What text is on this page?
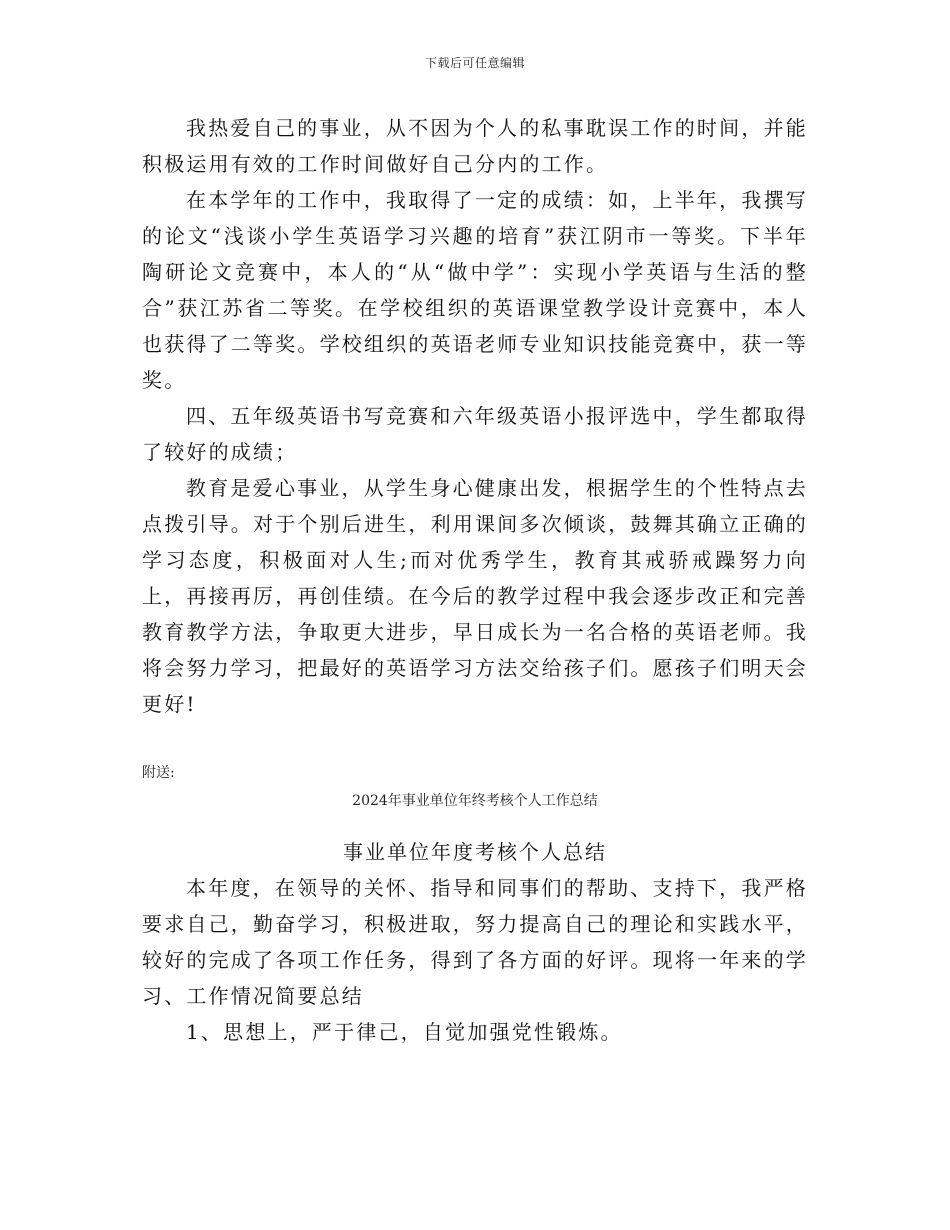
下载后可任意编辑

我热爱自己的事业，从不因为个人的私事耽误工作的时间，并能积极运用有效的工作时间做好自己分内的工作。

在本学年的工作中，我取得了一定的成绩：如，上半年，我撰写的论文“浅谈小学生英语学习兴趣的培育”获江阴市一等奖。下半年陶研论文竞赛中，本人的“从“做中学”：实现小学英语与生活的整合”获江苏省二等奖。在学校组织的英语课堂教学设计竞赛中，本人也获得了二等奖。学校组织的英语老师专业知识技能竞赛中，获一等奖。

四、五年级英语书写竞赛和六年级英语小报评选中，学生都取得了较好的成绩；

教育是爱心事业，从学生身心健康出发，根据学生的个性特点去点拨引导。对于个别后进生，利用课间多次倾谈，鼓舞其确立正确的学习态度，积极面对人生;而对优秀学生，教育其戒骄戒躁努力向上，再接再厉，再创佳绩。在今后的教学过程中我会逐步改正和完善教育教学方法，争取更大进步，早日成长为一名合格的英语老师。我将会努力学习，把最好的英语学习方法交给孩子们。愿孩子们明天会更好!

附送:
2024年事业单位年终考核个人工作总结
事业单位年度考核个人总结

本年度，在领导的关怀、指导和同事们的帮助、支持下，我严格要求自己，勤奋学习，积极进取，努力提高自己的理论和实践水平，较好的完成了各项工作任务，得到了各方面的好评。现将一年来的学习、工作情况简要总结

1、思想上，严于律己，自觉加强党性锻炼。
